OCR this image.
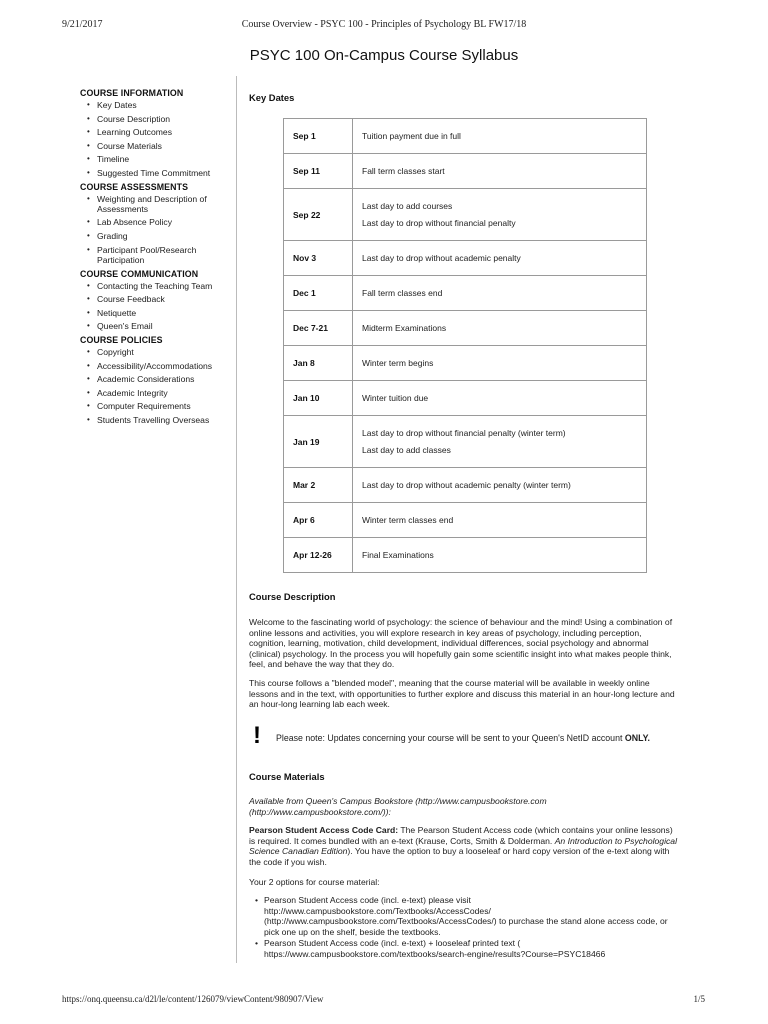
9/21/2017	Course Overview - PSYC 100 - Principles of Psychology BL FW17/18
PSYC 100 On-Campus Course Syllabus
COURSE INFORMATION
• Key Dates
• Course Description
• Learning Outcomes
• Course Materials
• Timeline
• Suggested Time Commitment
COURSE ASSESSMENTS
• Weighting and Description of Assessments
• Lab Absence Policy
• Grading
• Participant Pool/Research Participation
COURSE COMMUNICATION
• Contacting the Teaching Team
• Course Feedback
• Netiquette
• Queen's Email
COURSE POLICIES
• Copyright
• Accessibility/Accommodations
• Academic Considerations
• Academic Integrity
• Computer Requirements
• Students Travelling Overseas
Key Dates
Sep 1	Tuition payment due in full

Sep 11	Fall term classes start

Sep 22	Last day to add courses
Last day to drop without financial penalty

Nov 3	Last day to drop without academic penalty

Dec 1	Fall term classes end

Dec 7-21	Midterm Examinations

Jan 8	Winter term begins

Jan 10	Winter tuition due

Jan 19	Last day to drop without financial penalty (winter term)
Last day to add classes

Mar 2	Last day to drop without academic penalty (winter term)

Apr 6	Winter term classes end

Apr 12-26	Final Examinations
Course Description
Welcome to the fascinating world of psychology: the science of behaviour and the mind! Using a combination of online lessons and activities, you will explore research in key areas of psychology, including perception, cognition, learning, motivation, child development, individual differences, social psychology and abnormal (clinical) psychology. In the process you will hopefully gain some scientific insight into what makes people think, feel, and behave the way that they do.
This course follows a "blended model", meaning that the course material will be available in weekly online lessons and in the text, with opportunities to further explore and discuss this material in an hour-long lecture and an hour-long learning lab each week.
! Please note: Updates concerning your course will be sent to your Queen's NetID account ONLY.
Course Materials
Available from Queen's Campus Bookstore (http://www.campusbookstore.com (http://www.campusbookstore.com/)):
Pearson Student Access Code Card: The Pearson Student Access code (which contains your online lessons) is required. It comes bundled with an e-text (Krause, Corts, Smith & Dolderman. An Introduction to Psychological Science Canadian Edition). You have the option to buy a looseleaf or hard copy version of the e-text along with the code if you wish.
Your 2 options for course material:
• Pearson Student Access code (incl. e-text) please visit http://www.campusbookstore.com/Textbooks/AccessCodes/ (http://www.campusbookstore.com/Textbooks/AccessCodes/) to purchase the stand alone access code, or pick one up on the shelf, beside the textbooks.
• Pearson Student Access code (incl. e-text) + looseleaf printed text ( https://www.campusbookstore.com/textbooks/search-engine/results?Course=PSYC18466
https://onq.queensu.ca/d2l/le/content/126079/viewContent/980907/View	1/5
